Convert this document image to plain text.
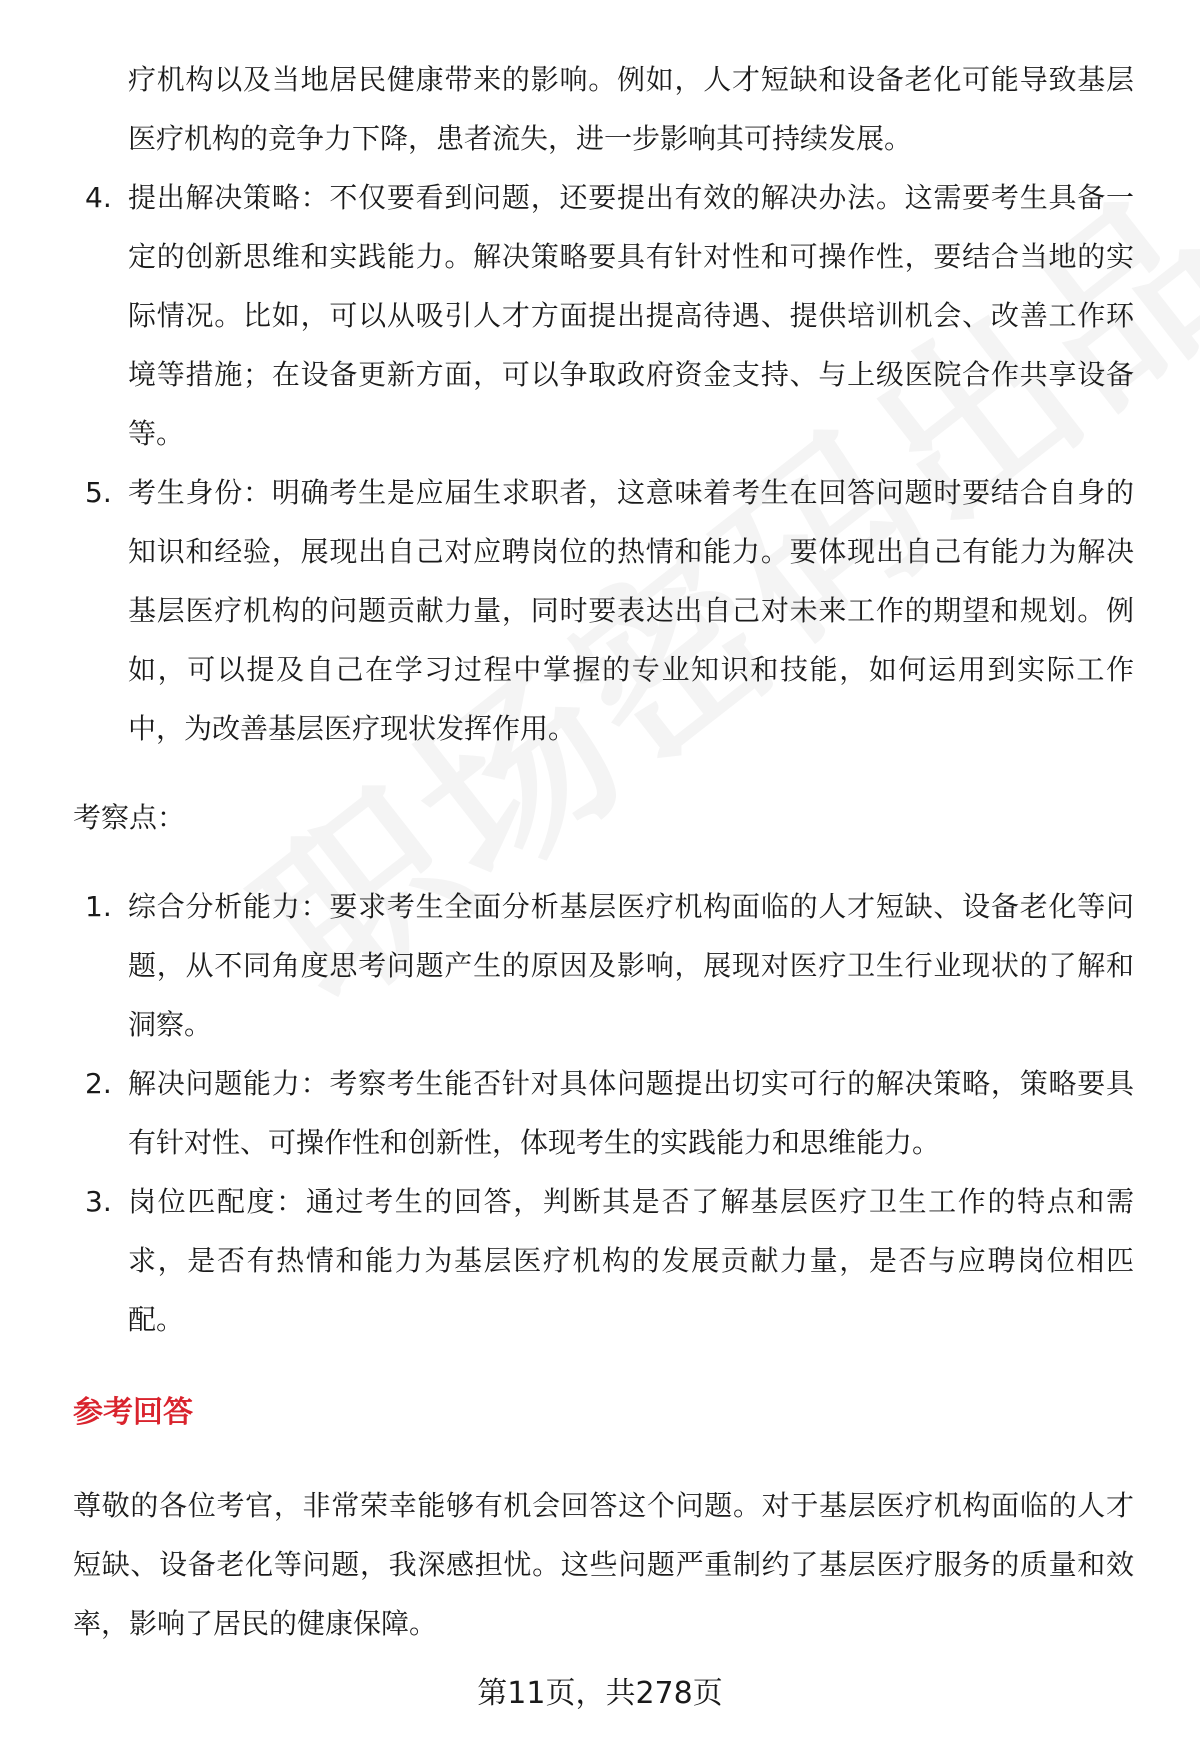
疗机构以及当地居民健康带来的影响。例如，人才短缺和设备老化可能导致基层医疗机构的竞争力下降，患者流失，进一步影响其可持续发展。

4. 提出解决策略：不仅要看到问题，还要提出有效的解决办法。这需要考生具备一定的创新思维和实践能力。解决策略要具有针对性和可操作性，要结合当地的实际情况。比如，可以从吸引人才方面提出提高待遇、提供培训机会、改善工作环境等措施；在设备更新方面，可以争取政府资金支持、与上级医院合作共享设备等。
5. 考生身份：明确考生是应届生求职者，这意味着考生在回答问题时要结合自身的知识和经验，展现出自己对应聘岗位的热情和能力。要体现出自己有能力为解决基层医疗机构的问题贡献力量，同时要表达出自己对未来工作的期望和规划。例如，可以提及自己在学习过程中掌握的专业知识和技能，如何运用到实际工作中，为改善基层医疗现状发挥作用。
考察点：
1. 综合分析能力：要求考生全面分析基层医疗机构面临的人才短缺、设备老化等问题，从不同角度思考问题产生的原因及影响，展现对医疗卫生行业现状的了解和洞察。
2. 解决问题能力：考察考生能否针对具体问题提出切实可行的解决策略，策略要具有针对性、可操作性和创新性，体现考生的实践能力和思维能力。
3. 岗位匹配度：通过考生的回答，判断其是否了解基层医疗卫生工作的特点和需求，是否有热情和能力为基层医疗机构的发展贡献力量，是否与应聘岗位相匹配。
参考回答

尊敬的各位考官，非常荣幸能够有机会回答这个问题。对于基层医疗机构面临的人才短缺、设备老化等问题，我深感担忧。这些问题严重制约了基层医疗服务的质量和效率，影响了居民的健康保障。

第11页，共278页
